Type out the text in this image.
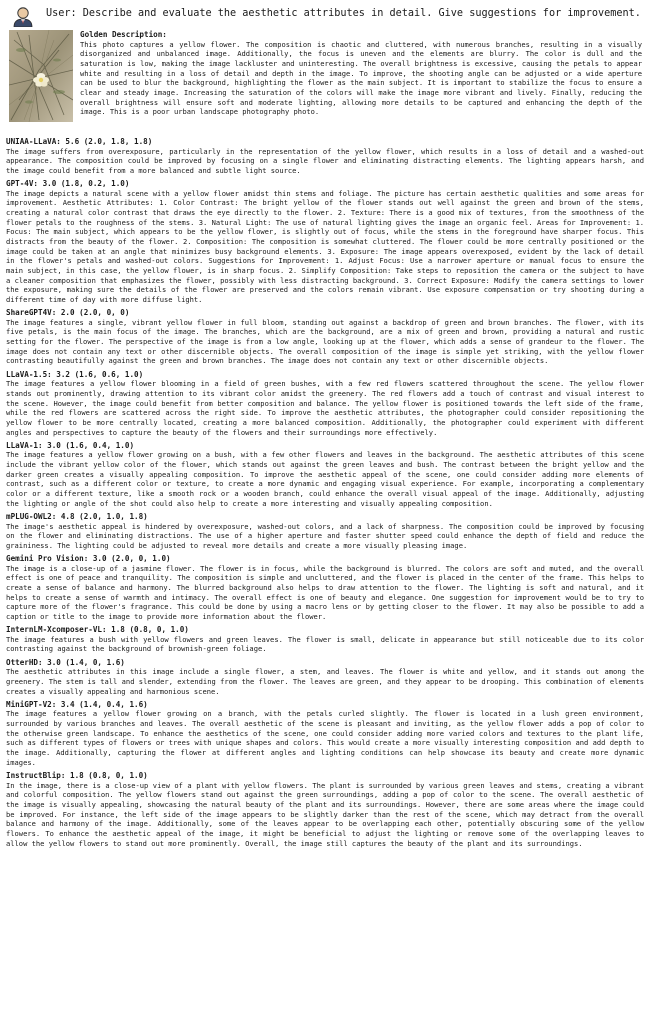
User: Describe and evaluate the aesthetic attributes in detail. Give suggestions for improvement.
Golden Description:
This photo captures a yellow flower. The composition is chaotic and cluttered, with numerous branches, resulting in a visually disorganized and unbalanced image. Additionally, the focus is uneven and the elements are blurry. The color is dull and the saturation is low, making the image lackluster and uninteresting. The overall brightness is excessive, causing the petals to appear white and resulting in a loss of detail and depth in the image. To improve, the shooting angle can be adjusted or a wide aperture can be used to blur the background, highlighting the flower as the main subject. It is important to stabilize the focus to ensure a clear and steady image. Increasing the saturation of the colors will make the image more vibrant and lively. Finally, reducing the overall brightness will ensure soft and moderate lighting, allowing more details to be captured and enhancing the depth of the image. This is a poor urban landscape photography photo.
UNIAA-LLaVA: 5.6 (2.0, 1.8, 1.8)
The image suffers from overexposure, particularly in the representation of the yellow flower, which results in a loss of detail and a washed-out appearance. The composition could be improved by focusing on a single flower and eliminating distracting elements. The lighting appears harsh, and the image could benefit from a more balanced and subtle light source.
GPT-4V: 3.0 (1.8, 0.2, 1.0)
The image depicts a natural scene with a yellow flower amidst thin stems and foliage. The picture has certain aesthetic qualities and some areas for improvement. Aesthetic Attributes: 1. Color Contrast: The bright yellow of the flower stands out well against the green and brown of the stems, creating a natural color contrast that draws the eye directly to the flower. 2. Texture: There is a good mix of textures, from the smoothness of the flower petals to the roughness of the stems. 3. Natural Light: The use of natural lighting gives the image an organic feel. Areas for Improvement: 1. Focus: The main subject, which appears to be the yellow flower, is slightly out of focus, while the stems in the foreground have sharper focus. This distracts from the beauty of the flower. 2. Composition: The composition is somewhat cluttered. The flower could be more centrally positioned or the image could be taken at an angle that minimizes busy background elements. 3. Exposure: The image appears overexposed, evident by the lack of detail in the flower's petals and washed-out colors. Suggestions for Improvement: 1. Adjust Focus: Use a narrower aperture or manual focus to ensure the main subject, in this case, the yellow flower, is in sharp focus. 2. Simplify Composition: Take steps to reposition the camera or the subject to have a cleaner composition that emphasizes the flower, possibly with less distracting background. 3. Correct Exposure: Modify the camera settings to lower the exposure, making sure the details of the flower are preserved and the colors remain vibrant. Use exposure compensation or try shooting during a different time of day with more diffuse light.
ShareGPT4V: 2.0 (2.0, 0, 0)
The image features a single, vibrant yellow flower in full bloom, standing out against a backdrop of green and brown branches. The flower, with its five petals, is the main focus of the image. The branches, which are the background, are a mix of green and brown, providing a natural and rustic setting for the flower. The perspective of the image is from a low angle, looking up at the flower, which adds a sense of grandeur to the flower. The image does not contain any text or other discernible objects. The overall composition of the image is simple yet striking, with the yellow flower contrasting beautifully against the green and brown branches. The image does not contain any text or other discernible objects.
LLaVA-1.5: 3.2 (1.6, 0.6, 1.0)
The image features a yellow flower blooming in a field of green bushes, with a few red flowers scattered throughout the scene. The yellow flower stands out prominently, drawing attention to its vibrant color amidst the greenery. The red flowers add a touch of contrast and visual interest to the scene. However, the image could benefit from better composition and balance. The yellow flower is positioned towards the left side of the frame, while the red flowers are scattered across the right side. To improve the aesthetic attributes, the photographer could consider repositioning the yellow flower to be more centrally located, creating a more balanced composition. Additionally, the photographer could experiment with different angles and perspectives to capture the beauty of the flowers and their surroundings more effectively.
LLaVA-1: 3.0 (1.6, 0.4, 1.0)
The image features a yellow flower growing on a bush, with a few other flowers and leaves in the background. The aesthetic attributes of this scene include the vibrant yellow color of the flower, which stands out against the green leaves and bush. The contrast between the bright yellow and the darker green creates a visually appealing composition. To improve the aesthetic appeal of the scene, one could consider adding more elements of contrast, such as a different color or texture, to create a more dynamic and engaging visual experience. For example, incorporating a complementary color or a different texture, like a smooth rock or a wooden branch, could enhance the overall visual appeal of the image. Additionally, adjusting the lighting or angle of the shot could also help to create a more interesting and visually appealing composition.
mPLUG-OWL2: 4.8 (2.0, 1.0, 1.8)
The image's aesthetic appeal is hindered by overexposure, washed-out colors, and a lack of sharpness. The composition could be improved by focusing on the flower and eliminating distractions. The use of a higher aperture and faster shutter speed could enhance the depth of field and reduce the graininess. The lighting could be adjusted to reveal more details and create a more visually pleasing image.
Gemini Pro Vision: 3.0 (2.0, 0, 1.0)
The image is a close-up of a jasmine flower. The flower is in focus, while the background is blurred. The colors are soft and muted, and the overall effect is one of peace and tranquility. The composition is simple and uncluttered, and the flower is placed in the center of the frame. This helps to create a sense of balance and harmony. The blurred background also helps to draw attention to the flower. The lighting is soft and natural, and it helps to create a sense of warmth and intimacy. The overall effect is one of beauty and elegance. One suggestion for improvement would be to try to capture more of the flower's fragrance. This could be done by using a macro lens or by getting closer to the flower. It may also be possible to add a caption or title to the image to provide more information about the flower.
InternLM-Xcomposer-VL: 1.8 (0.8, 0, 1.0)
The image features a bush with yellow flowers and green leaves. The flower is small, delicate in appearance but still noticeable due to its color contrasting against the background of brownish-green foliage.
OtterHD: 3.0 (1.4, 0, 1.6)
The aesthetic attributes in this image include a single flower, a stem, and leaves. The flower is white and yellow, and it stands out among the greenery. The stem is tall and slender, extending from the flower. The leaves are green, and they appear to be drooping. This combination of elements creates a visually appealing and harmonious scene.
MiniGPT-V2: 3.4 (1.4, 0.4, 1.6)
The image features a yellow flower growing on a branch, with the petals curled slightly. The flower is located in a lush green environment, surrounded by various branches and leaves. The overall aesthetic of the scene is pleasant and inviting, as the yellow flower adds a pop of color to the otherwise green landscape. To enhance the aesthetics of the scene, one could consider adding more varied colors and textures to the plant life, such as different types of flowers or trees with unique shapes and colors. This would create a more visually interesting composition and add depth to the image. Additionally, capturing the flower at different angles and lighting conditions can help showcase its beauty and create more dynamic images.
InstructBlip: 1.8 (0.8, 0, 1.0)
In the image, there is a close-up view of a plant with yellow flowers. The plant is surrounded by various green leaves and stems, creating a vibrant and colorful composition. The yellow flowers stand out against the green surroundings, adding a pop of color to the scene. The overall aesthetic of the image is visually appealing, showcasing the natural beauty of the plant and its surroundings. However, there are some areas where the image could be improved. For instance, the left side of the image appears to be slightly darker than the rest of the scene, which may detract from the overall balance and harmony of the image. Additionally, some of the leaves appear to be overlapping each other, potentially obscuring some of the yellow flowers. To enhance the aesthetic appeal of the image, it might be beneficial to adjust the lighting or remove some of the overlapping leaves to allow the yellow flowers to stand out more prominently. Overall, the image still captures the beauty of the plant and its surroundings.
